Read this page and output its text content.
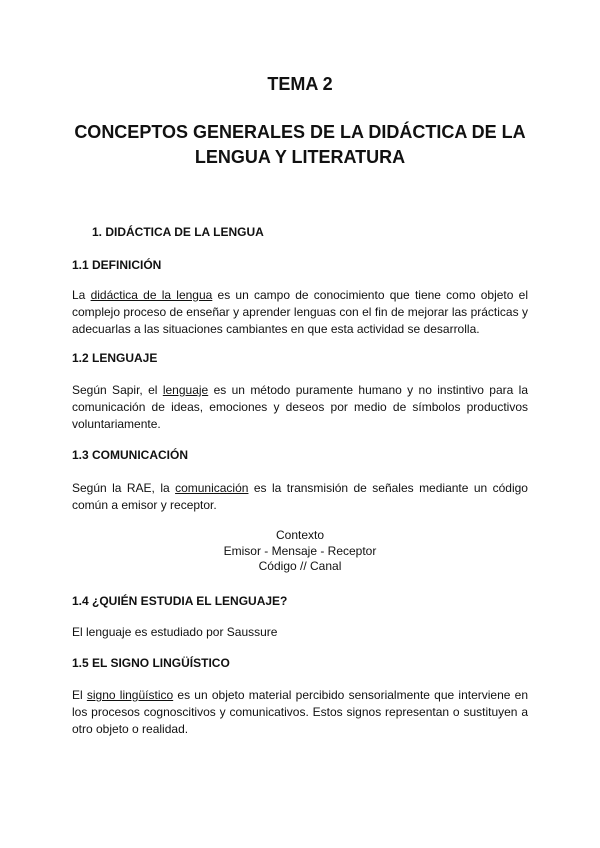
TEMA 2
CONCEPTOS GENERALES DE LA DIDÁCTICA DE LA LENGUA Y LITERATURA
1. DIDÁCTICA DE LA LENGUA
1.1 DEFINICIÓN
La didáctica de la lengua es un campo de conocimiento que tiene como objeto el complejo proceso de enseñar y aprender lenguas con el fin de mejorar las prácticas y adecuarlas a las situaciones cambiantes en que esta actividad se desarrolla.
1.2 LENGUAJE
Según Sapir, el lenguaje es un método puramente humano y no instintivo para la comunicación de ideas, emociones y deseos por medio de símbolos productivos voluntariamente.
1.3 COMUNICACIÓN
Según la RAE, la comunicación es la transmisión de señales mediante un código común a emisor y receptor.
Contexto
Emisor - Mensaje - Receptor
Código // Canal
1.4 ¿QUIÉN ESTUDIA EL LENGUAJE?
El lenguaje es estudiado por Saussure
1.5 EL SIGNO LINGÜÍSTICO
El signo lingüístico es un objeto material percibido sensorialmente que interviene en los procesos cognoscitivos y comunicativos. Estos signos representan o sustituyen a otro objeto o realidad.
